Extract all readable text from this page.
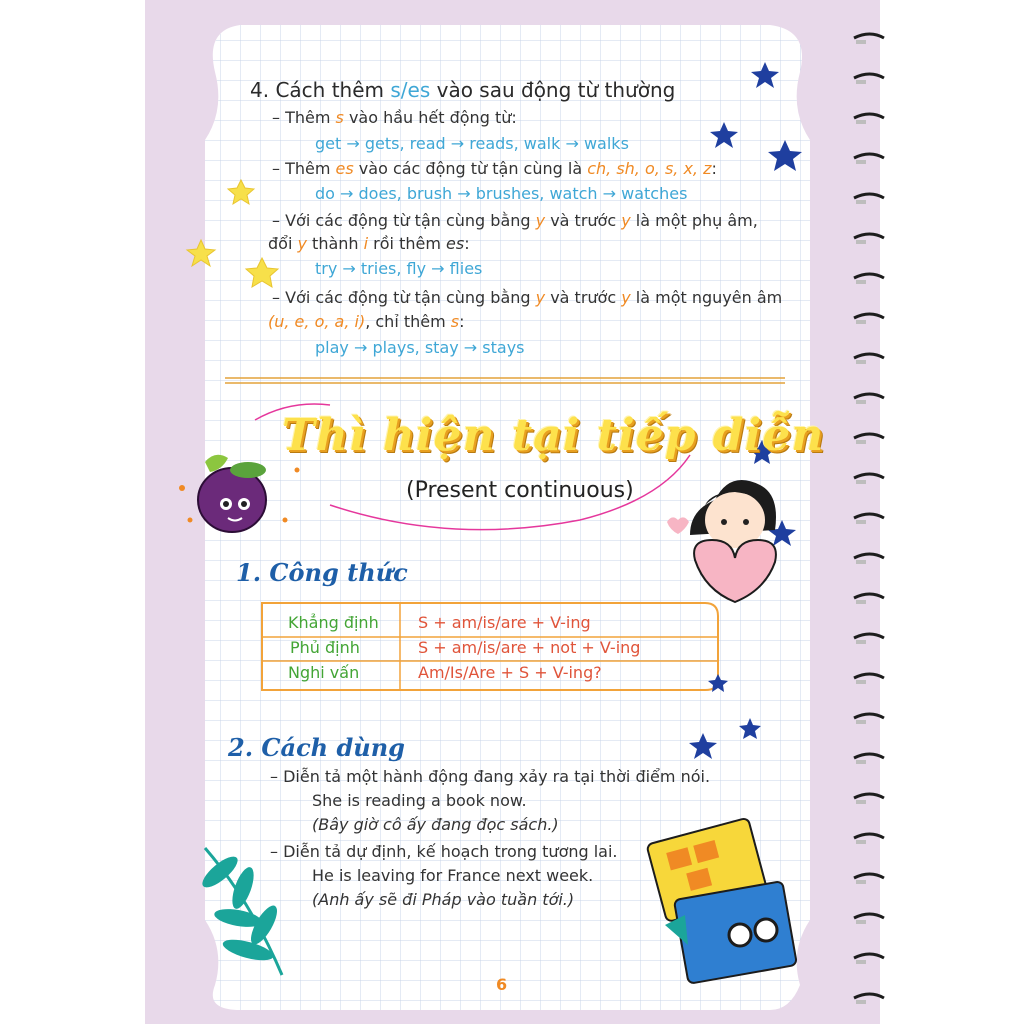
4. Cách thêm s/es vào sau động từ thường
– Thêm s vào hầu hết động từ:
get → gets, read → reads, walk → walks
– Thêm es vào các động từ tận cùng là ch, sh, o, s, x, z:
do → does, brush → brushes, watch → watches
– Với các động từ tận cùng bằng y và trước y là một phụ âm,
đổi y thành i rồi thêm es:
try → tries, fly → flies
– Với các động từ tận cùng bằng y và trước y là một nguyên âm
(u, e, o, a, i), chỉ thêm s:
play → plays, stay → stays
Thì hiện tại tiếp diễn
(Present continuous)
1. Công thức
Khẳng định S + am/is/are + V-ing
Phủ định	S + am/is/are + not + V-ing
Nghi vấn	Am/Is/Are + S + V-ing?
2. Cách dùng
– Diễn tả một hành động đang xảy ra tại thời điểm nói.
She is reading a book now.
(Bây giờ cô ấy đang đọc sách.)
– Diễn tả dự định, kế hoạch trong tương lai.
He is leaving for France next week.
(Anh ấy sẽ đi Pháp vào tuần tới.)
6
